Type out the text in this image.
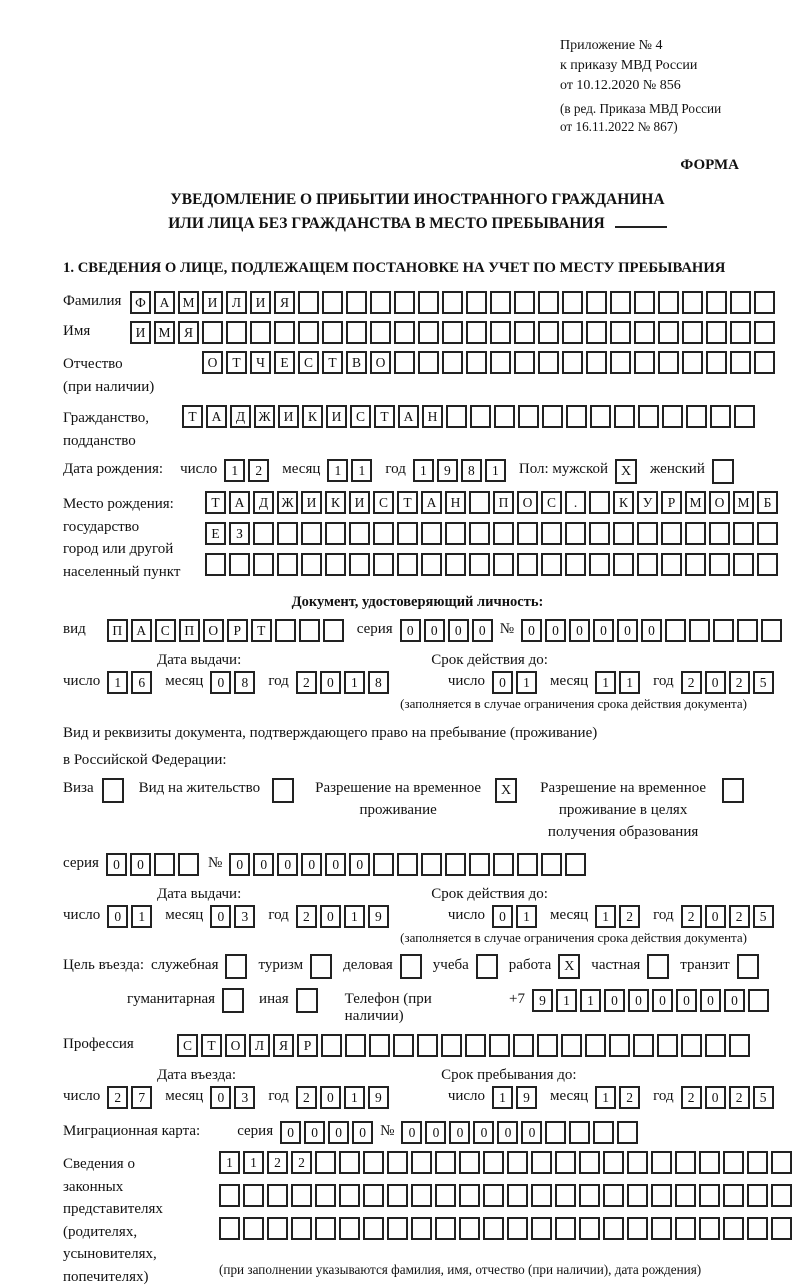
Приложение № 4
к приказу МВД России
от 10.12.2020 № 856
(в ред. Приказа МВД России
от 16.11.2022 № 867)
ФОРМА
УВЕДОМЛЕНИЕ О ПРИБЫТИИ ИНОСТРАННОГО ГРАЖДАНИНА
ИЛИ ЛИЦА БЕЗ ГРАЖДАНСТВА В МЕСТО ПРЕБЫВАНИЯ
1. СВЕДЕНИЯ О ЛИЦЕ, ПОДЛЕЖАЩЕМ ПОСТАНОВКЕ НА УЧЕТ ПО МЕСТУ ПРЕБЫВАНИЯ
Фамилия	Ф	А М И	Л	И	Я
Имя	И М Я
Отчество
(при наличии)
О	Т	Ч	Е	С	Т	В	О
Гражданство,
подданство
Т	А	Д Ж И	К	И	С	Т	А	Н
Дата рождения: число	1	2	месяц	1	1	год	1	9	8	1	Пол: мужской X	женский
Место рождения:
государство
город или другой
населенный пункт
Т	А	Д Ж И	К	И	С	Т	А	Н	П	О	С	.	К	У	Р	М О М	Б
Е	З
Документ, удостоверяющий личность:
вид	П	А	С	П	О	Р	Т	серия	0	0	0	0 №	0	0	0	0	0	0
Дата выдачи:	Срок действия до:
число	1	6	месяц	0	8	год	2	0	1	8	число	0	1	месяц	1	1	год	2	0	2	5
(заполняется в случае ограничения срока действия документа)
Вид и реквизиты документа, подтверждающего право на пребывание (проживание)
в Российской Федерации:
Виза	Вид на жительство	Разрешение на временное
проживание
X	Разрешение на временное
проживание в целях
получения образования
серия	0	0	№	0	0	0	0	0	0
Дата выдачи:	Срок действия до:
число	0	1	месяц	0	3	год	2	0	1	9	число	0	1	месяц	1	2	год	2	0	2	5
(заполняется в случае ограничения срока действия документа)
Цель въезда: служебная	туризм	деловая	учеба	работа X	частная	транзит
гуманитарная	иная	Телефон (при наличии)
+7	9	1	1	0	0	0	0	0	0
Профессия	С	Т	О	Л	Я	Р
Дата въезда:	Срок пребывания до:
число	2	7	месяц	0	3	год	2	0	1	9	число	1	9	месяц	1	2	год	2	0	2	5
Миграционная карта: серия	0	0	0	0 №	0	0	0	0	0	0
Сведения о
законных
представителях
(родителях,
усыновителях,
попечителях)
1	1	2	2
(при заполнении указываются фамилия, имя, отчество (при наличии), дата рождения)
